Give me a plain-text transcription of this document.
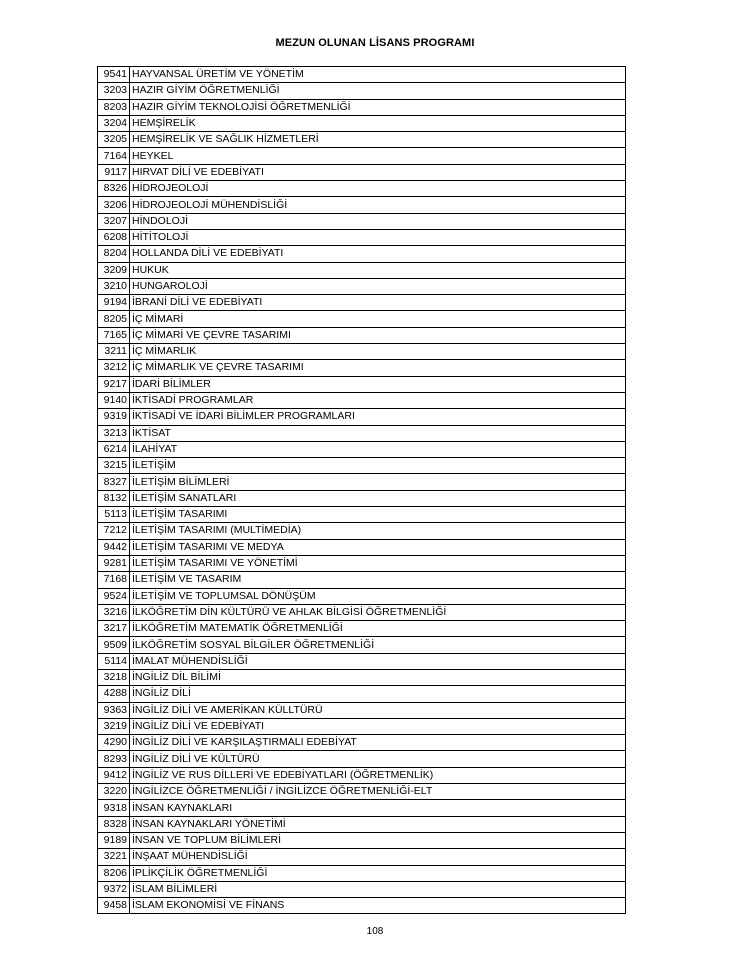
MEZUN OLUNAN LİSANS PROGRAMI
9541	HAYVANSAL ÜRETİM VE YÖNETİM
3203	HAZIR GİYİM ÖĞRETMENLİĞİ
8203	HAZIR GİYİM TEKNOLOJİSİ ÖĞRETMENLİĞİ
3204	HEMŞİRELİK
3205	HEMŞİRELİK VE SAĞLIK HİZMETLERİ
7164	HEYKEL
9117	HIRVAT DİLİ VE EDEBİYATI
8326	HİDROJEOLOJİ
3206	HİDROJEOLOJİ MÜHENDİSLİĞİ
3207	HİNDOLOJİ
6208	HİTİTOLOJİ
8204	HOLLANDA DİLİ VE EDEBİYATI
3209	HUKUK
3210	HUNGAROLOJİ
9194	İBRANİ DİLİ VE EDEBİYATI
8205	İÇ MİMARİ
7165	İÇ MİMARİ VE ÇEVRE TASARIMI
3211	İÇ MİMARLIK
3212	İÇ MİMARLIK VE ÇEVRE TASARIMI
9217	İDARİ BİLİMLER
9140	İKTİSADİ PROGRAMLAR
9319	İKTİSADİ VE İDARİ BİLİMLER PROGRAMLARI
3213	İKTİSAT
6214	İLAHİYAT
3215	İLETİŞİM
8327	İLETİŞİM BİLİMLERİ
8132	İLETİŞİM SANATLARI
5113	İLETİŞİM TASARIMI
7212	İLETİŞİM TASARIMI (MULTİMEDİA)
9442	İLETİŞİM TASARIMI VE MEDYA
9281	İLETİŞİM TASARIMI VE YÖNETİMİ
7168	İLETİŞİM VE TASARIM
9524	İLETİŞİM VE TOPLUMSAL DÖNÜŞÜM
3216	İLKÖĞRETİM DİN KÜLTÜRÜ VE AHLAK BİLGİSİ ÖĞRETMENLİĞİ
3217	İLKÖĞRETİM MATEMATİK ÖĞRETMENLİĞİ
9509	İLKÖĞRETİM SOSYAL BİLGİLER ÖĞRETMENLİĞİ
5114	İMALAT MÜHENDİSLİĞİ
3218	İNGİLİZ DİL BİLİMİ
4288	İNGİLİZ DİLİ
9363	İNGİLİZ DİLİ VE AMERİKAN KÜLLTÜRÜ
3219	İNGİLİZ DİLİ VE EDEBİYATI
4290	İNGİLİZ DİLİ VE KARŞILAŞTIRMALI EDEBİYAT
8293	İNGİLİZ DİLİ VE KÜLTÜRÜ
9412	İNGİLİZ VE RUS DİLLERİ VE EDEBİYATLARI (ÖĞRETMENLİK)
3220	İNGİLİZCE ÖĞRETMENLİĞİ / İNGİLİZCE ÖĞRETMENLİĞİ-ELT
9318	İNSAN KAYNAKLARI
8328	İNSAN KAYNAKLARI YÖNETİMİ
9189	İNSAN VE TOPLUM BİLİMLERİ
3221	İNŞAAT MÜHENDİSLİĞİ
8206	İPLİKÇİLİK ÖĞRETMENLİĞİ
9372	İSLAM BİLİMLERİ
9458	İSLAM EKONOMİSİ VE FİNANS
108
